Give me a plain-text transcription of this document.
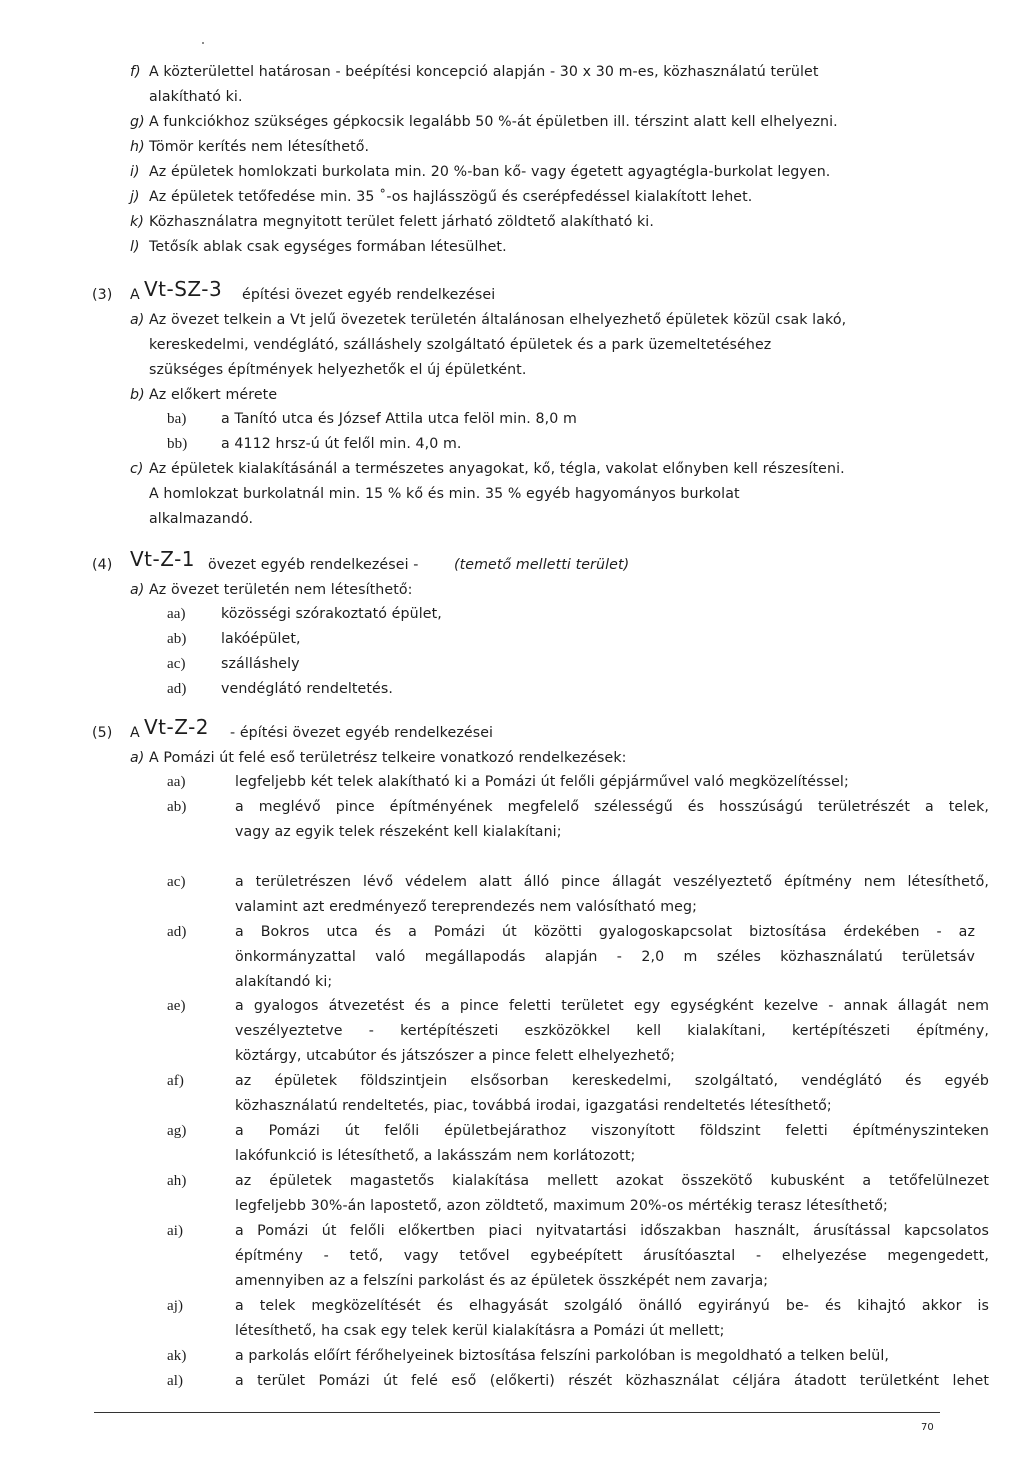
f) A közterülettel határosan - beépítési koncepció alapján - 30 x 30 m-es, közhasználatú terület
alakítható ki.
g) A funkciókhoz szükséges gépkocsik legalább 50 %-át épületben ill. térszint alatt kell elhelyezni.
h) Tömör kerítés nem létesíthető.
i) Az épületek homlokzati burkolata min. 20 %-ban kő- vagy égetett agyagtégla-burkolat legyen.
j) Az épületek tetőfedése min. 35 ˚-os hajlásszögű és cserépfedéssel kialakított lehet.
k) Közhasználatra megnyitott terület felett járható zöldtető alakítható ki.
l) Tetősík ablak csak egységes formában létesülhet.
(3) A Vt-SZ-3 építési övezet egyéb rendelkezései
a) Az övezet telkein a Vt jelű övezetek területén általánosan elhelyezhető épületek közül csak lakó,
kereskedelmi, vendéglátó, szálláshely szolgáltató épületek és a park üzemeltetéséhez
szükséges építmények helyezhetők el új épületként.
b) Az előkert mérete
ba) a Tanító utca és József Attila utca felöl min. 8,0 m
bb) a 4112 hrsz-ú út felől min. 4,0 m.
c) Az épületek kialakításánál a természetes anyagokat, kő, tégla, vakolat előnyben kell részesíteni.
A homlokzat burkolatnál min. 15 % kő és min. 35 % egyéb hagyományos burkolat
alkalmazandó.
(4) Vt-Z-1 övezet egyéb rendelkezései -	(temető melletti terület)
a) Az övezet területén nem létesíthető:
aa) közösségi szórakoztató épület,
ab) lakóépület,
ac) szálláshely
ad) vendéglátó rendeltetés.
(5) A Vt-Z-2 - építési övezet egyéb rendelkezései
a) A Pomázi út felé eső területrész telkeire vonatkozó rendelkezések:
aa)	legfeljebb két telek alakítható ki a Pomázi út felőli gépjárművel való megközelítéssel;
ab)	a meglévő pince építményének megfelelő szélességű és hosszúságú területrészét a telek,
vagy az egyik telek részeként kell kialakítani;
ac)	a területrészen lévő védelem alatt álló pince állagát veszélyeztető építmény nem létesíthető,
valamint azt eredményező tereprendezés nem valósítható meg;
ad)	a Bokros utca és a Pomázi út közötti gyalogoskapcsolat biztosítása érdekében - az
önkormányzattal való megállapodás alapján - 2,0 m széles közhasználatú területsáv
alakítandó ki;
ae)	a gyalogos átvezetést és a pince feletti területet egy egységként kezelve - annak állagát nem
veszélyeztetve - kertépítészeti eszközökkel kell kialakítani, kertépítészeti építmény,
köztárgy, utcabútor és játszószer a pince felett elhelyezhető;
af)	az épületek földszintjein elsősorban kereskedelmi, szolgáltató, vendéglátó és egyéb
közhasználatú rendeltetés, piac, továbbá irodai, igazgatási rendeltetés létesíthető;
ag)	a Pomázi út felőli épületbejárathoz viszonyított földszint feletti építményszinteken
lakófunkció is létesíthető, a lakásszám nem korlátozott;
ah)	az épületek magastetős kialakítása mellett azokat összekötő kubusként a tetőfelülnezet
legfeljebb 30%-án lapostető, azon zöldtető, maximum 20%-os mértékig terasz létesíthető;
ai)	a Pomázi út felőli előkertben piaci nyitvatartási időszakban használt, árusítással kapcsolatos
építmény - tető, vagy tetővel egybeépített árusítóasztal - elhelyezése megengedett,
amennyiben az a felszíni parkolást és az épületek összképét nem zavarja;
aj)	a telek megközelítését és elhagyását szolgáló önálló egyirányú be- és kihajtó akkor is
létesíthető, ha csak egy telek kerül kialakításra a Pomázi út mellett;
ak)	a parkolás előírt férőhelyeinek biztosítása felszíni parkolóban is megoldható a telken belül,
al)	a terület Pomázi út felé eső (előkerti) részét közhasználat céljára átadott területként lehet
70
